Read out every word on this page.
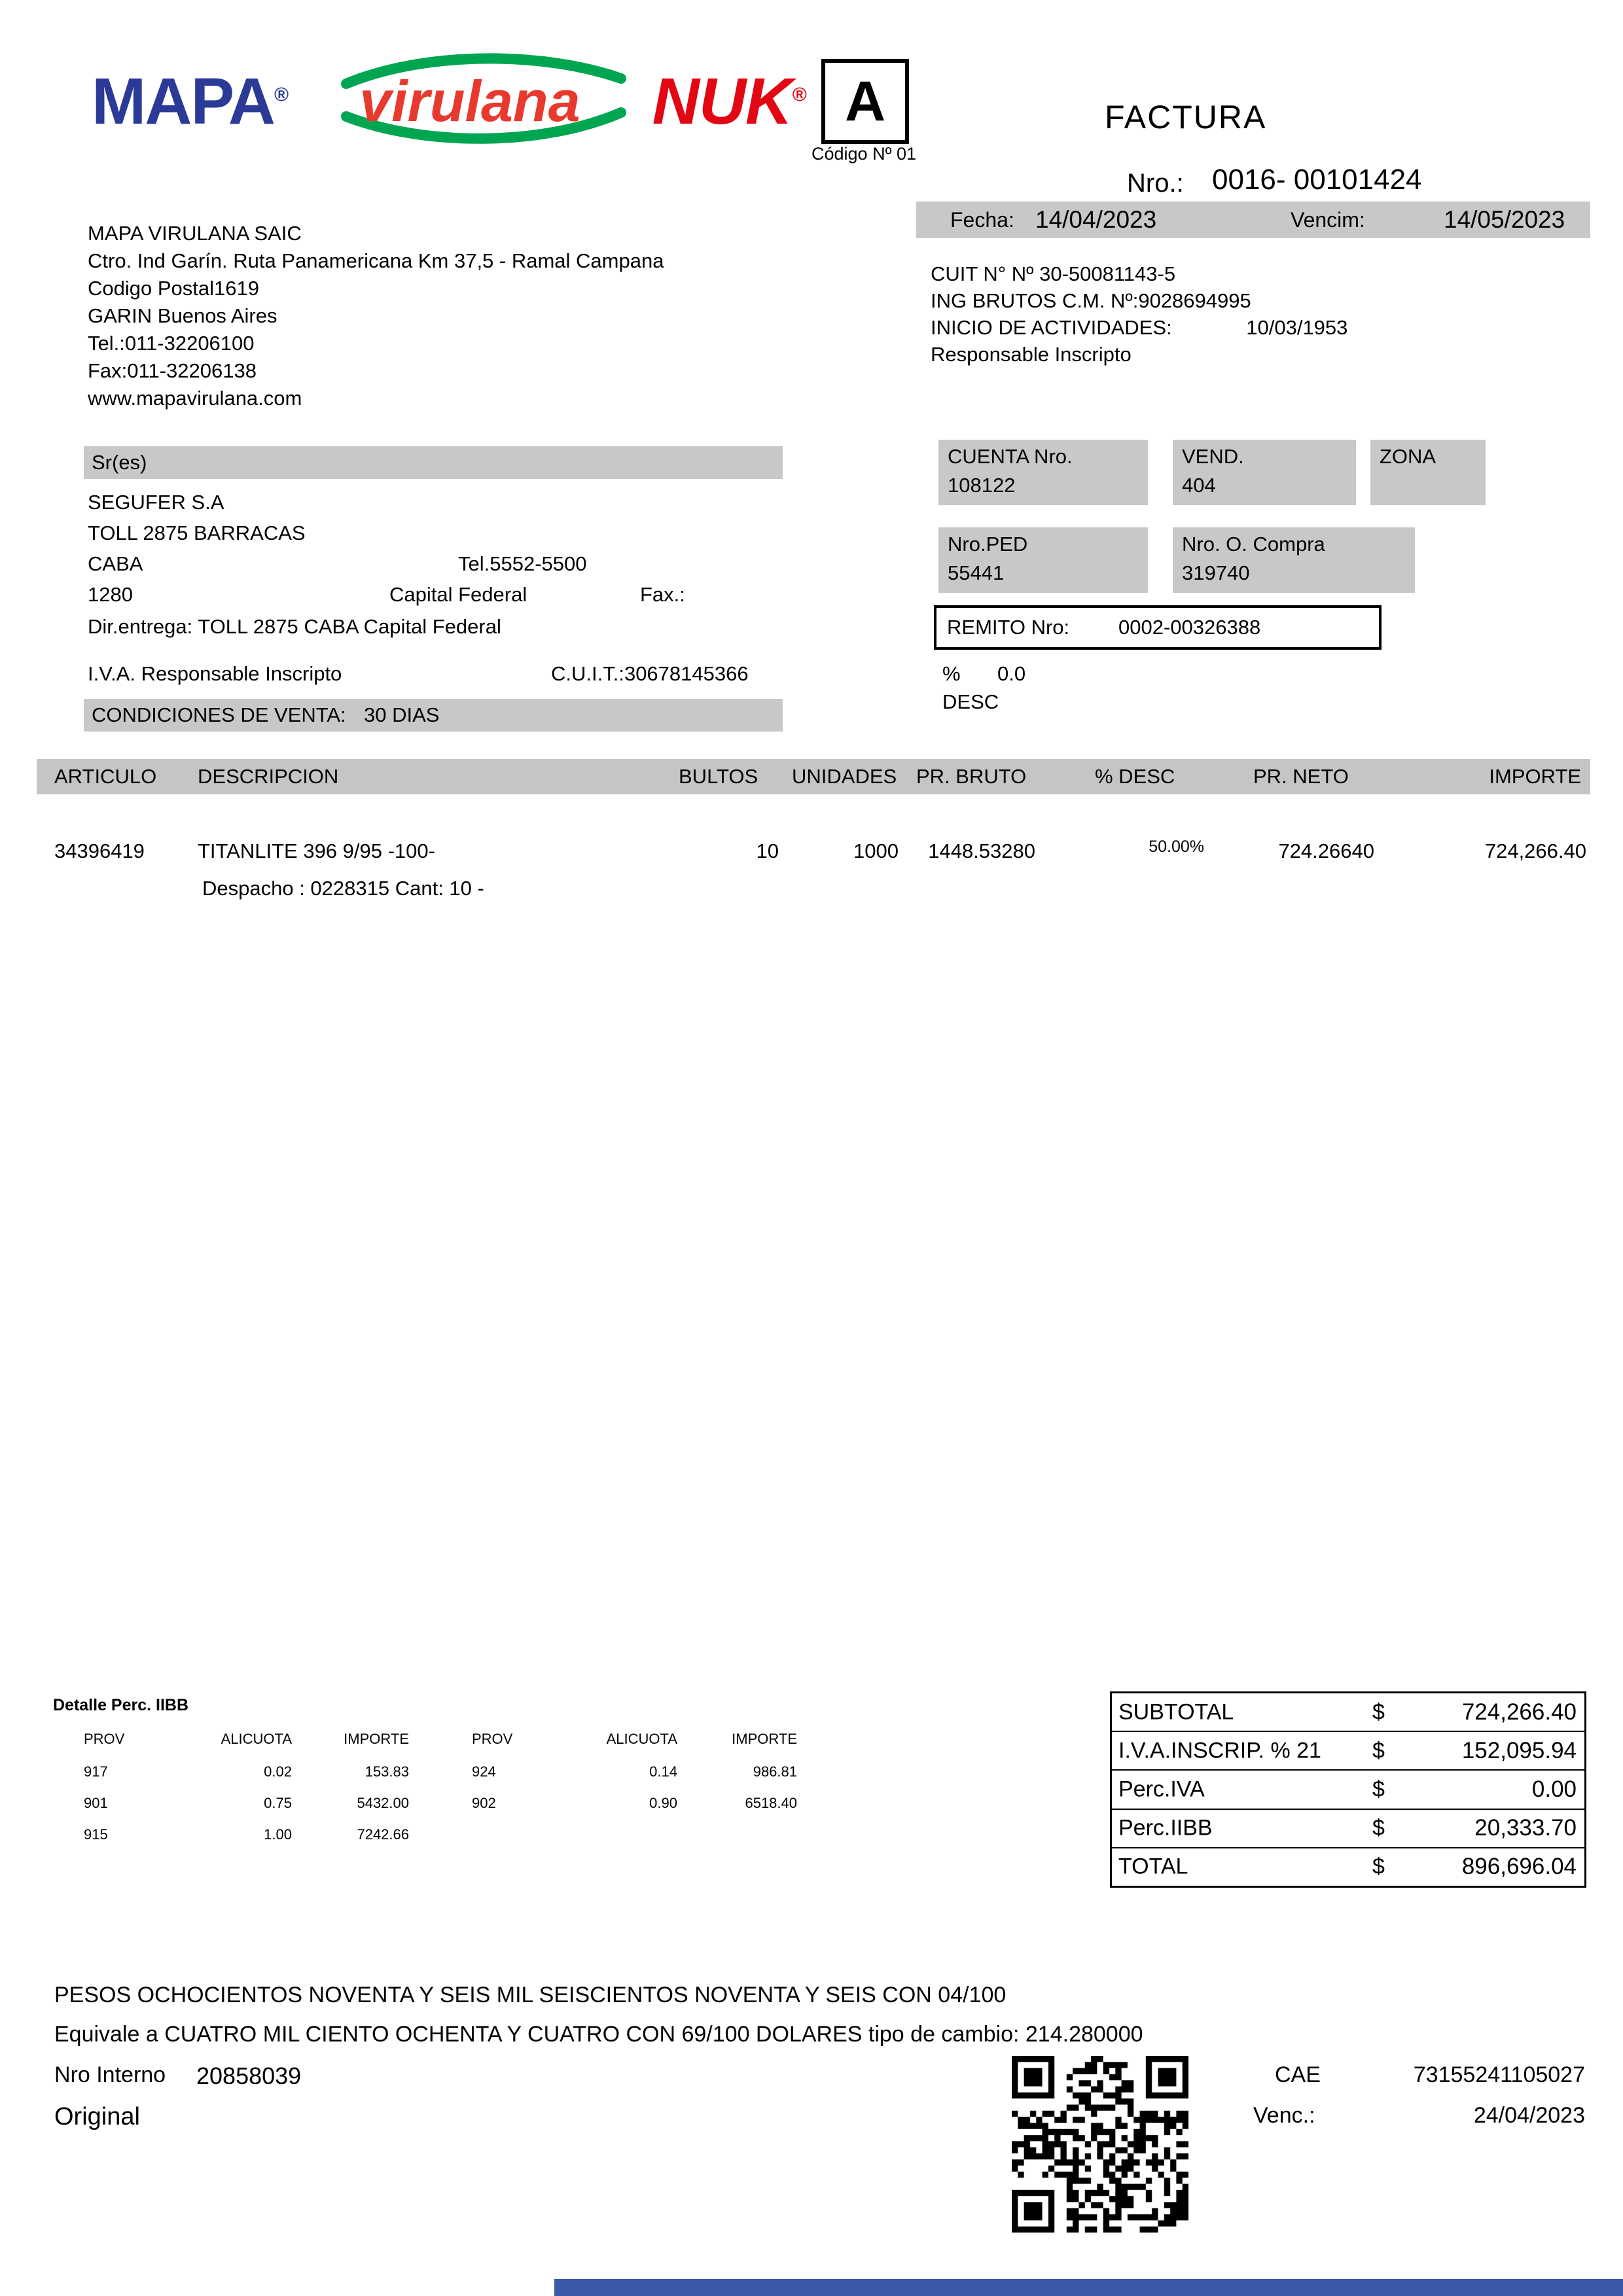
MAPA® virulana NUK® A
Código Nº 01
FACTURA
Nro.: 0016- 00101424
Fecha: 14/04/2023	Vencim:	14/05/2023
MAPA VIRULANA SAIC
Ctro. Ind Garín. Ruta Panamericana Km 37,5 - Ramal Campana
Codigo Postal1619
GARIN Buenos Aires
Tel.:011-32206100
Fax:011-32206138
www.mapavirulana.com
CUIT N° Nº 30-50081143-5
ING BRUTOS C.M. Nº:9028694995
INICIO DE ACTIVIDADES:	10/03/1953
Responsable Inscripto
Sr(es)
SEGUFER S.A
TOLL 2875 BARRACAS
CABA	Tel.5552-5500
1280	Capital Federal	Fax.:
Dir.entrega: TOLL 2875 CABA Capital Federal
I.V.A. Responsable Inscripto	C.U.I.T.:30678145366
CONDICIONES DE VENTA: 30 DIAS
CUENTA Nro.
108122
VEND.
404
ZONA
Nro.PED
55441
Nro. O. Compra
319740
REMITO Nro: 0002-00326388
% 0.0
DESC
ARTICULO DESCRIPCION	BULTOS UNIDADES PR. BRUTO	% DESC	PR. NETO	IMPORTE
34396419	TITANLITE 396 9/95 -100-	10	1000	1448.53280	50.00%	724.26640	724,266.40
Despacho : 0228315 Cant: 10 -
Detalle Perc. IIBB
PROV	ALICUOTA	IMPORTE	PROV	ALICUOTA	IMPORTE
917	0.02	153.83	924	0.14	986.81
901	0.75	5432.00	902	0.90	6518.40
915	1.00	7242.66
SUBTOTAL	$	724,266.40
I.V.A.INSCRIP. % 21 $	152,095.94
Perc.IVA	$	0.00
Perc.IIBB	$	20,333.70
TOTAL	$	896,696.04
PESOS OCHOCIENTOS NOVENTA Y SEIS MIL SEISCIENTOS NOVENTA Y SEIS CON 04/100
Equivale a CUATRO MIL CIENTO OCHENTA Y CUATRO CON 69/100 DOLARES tipo de cambio: 214.280000
Nro Interno 20858039
Original
CAE	73155241105027
Venc.:	24/04/2023
